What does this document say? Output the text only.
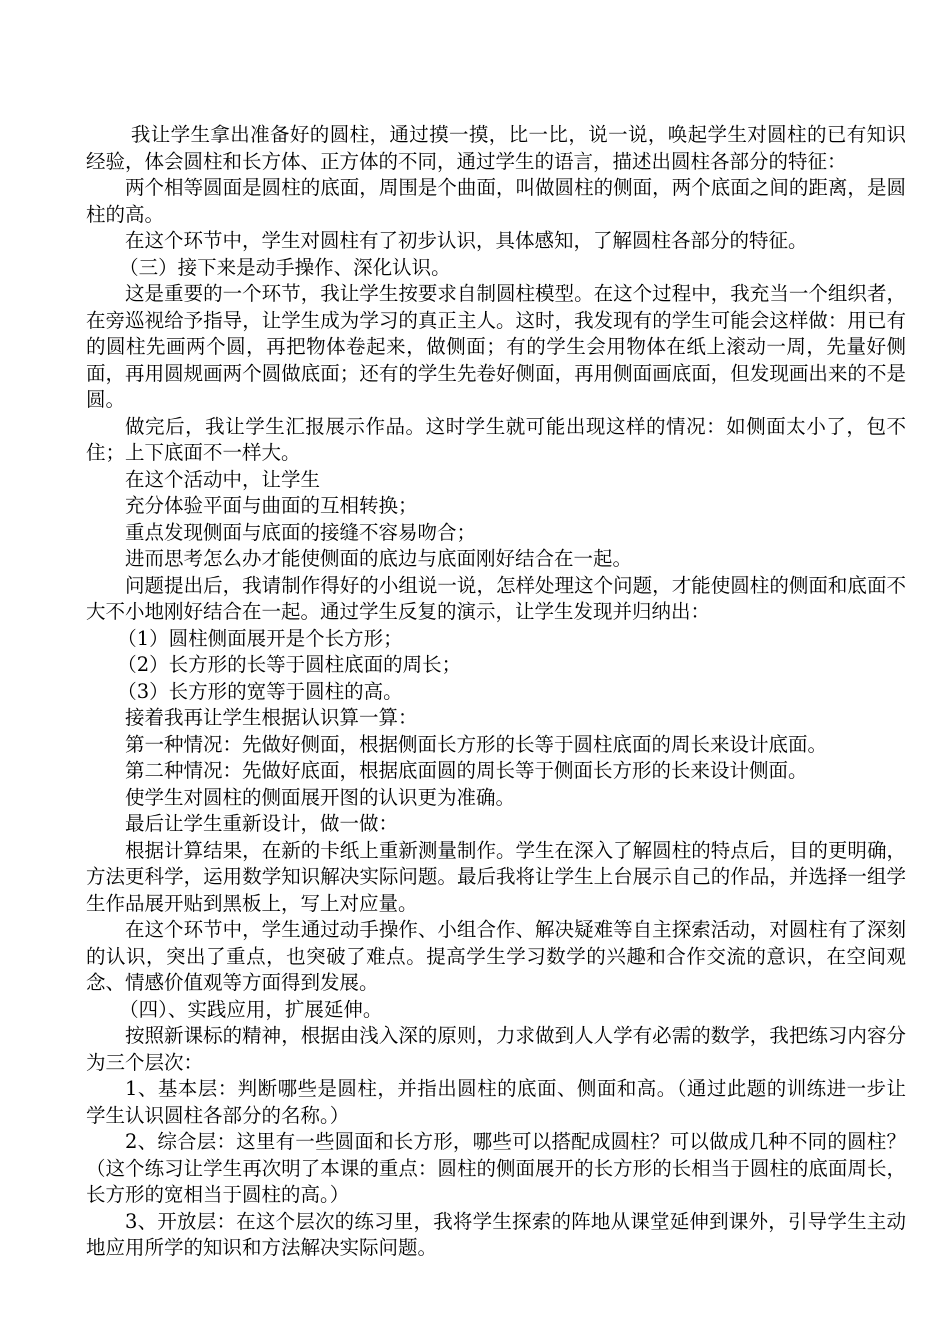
我让学生拿出准备好的圆柱，通过摸一摸，比一比，说一说，唤起学生对圆柱的已有知识经验，体会圆柱和长方体、正方体的不同，通过学生的语言，描述出圆柱各部分的特征：

两个相等圆面是圆柱的底面，周围是个曲面，叫做圆柱的侧面，两个底面之间的距离，是圆柱的高。

在这个环节中，学生对圆柱有了初步认识，具体感知，了解圆柱各部分的特征。

（三）接下来是动手操作、深化认识。

这是重要的一个环节，我让学生按要求自制圆柱模型。在这个过程中，我充当一个组织者，在旁巡视给予指导，让学生成为学习的真正主人。这时，我发现有的学生可能会这样做：用已有的圆柱先画两个圆，再把物体卷起来，做侧面；有的学生会用物体在纸上滚动一周，先量好侧面，再用圆规画两个圆做底面；还有的学生先卷好侧面，再用侧面画底面，但发现画出来的不是圆。

做完后，我让学生汇报展示作品。这时学生就可能出现这样的情况：如侧面太小了，包不住；上下底面不一样大。

在这个活动中，让学生

充分体验平面与曲面的互相转换；

重点发现侧面与底面的接缝不容易吻合；

进而思考怎么办才能使侧面的底边与底面刚好结合在一起。

问题提出后，我请制作得好的小组说一说，怎样处理这个问题，才能使圆柱的侧面和底面不大不小地刚好结合在一起。通过学生反复的演示，让学生发现并归纳出：

（1）圆柱侧面展开是个长方形；

（2）长方形的长等于圆柱底面的周长；

（3）长方形的宽等于圆柱的高。

接着我再让学生根据认识算一算：

第一种情况：先做好侧面，根据侧面长方形的长等于圆柱底面的周长来设计底面。

第二种情况：先做好底面，根据底面圆的周长等于侧面长方形的长来设计侧面。

使学生对圆柱的侧面展开图的认识更为准确。

最后让学生重新设计，做一做：

根据计算结果，在新的卡纸上重新测量制作。学生在深入了解圆柱的特点后，目的更明确，方法更科学，运用数学知识解决实际问题。最后我将让学生上台展示自己的作品，并选择一组学生作品展开贴到黑板上，写上对应量。

在这个环节中，学生通过动手操作、小组合作、解决疑难等自主探索活动，对圆柱有了深刻的认识，突出了重点，也突破了难点。提高学生学习数学的兴趣和合作交流的意识，在空间观念、情感价值观等方面得到发展。

（四）、实践应用，扩展延伸。

按照新课标的精神，根据由浅入深的原则，力求做到人人学有必需的数学，我把练习内容分为三个层次：

1、基本层：判断哪些是圆柱，并指出圆柱的底面、侧面和高。（通过此题的训练进一步让学生认识圆柱各部分的名称。）

2、综合层：这里有一些圆面和长方形，哪些可以搭配成圆柱？可以做成几种不同的圆柱？（这个练习让学生再次明了本课的重点：圆柱的侧面展开的长方形的长相当于圆柱的底面周长，长方形的宽相当于圆柱的高。）

3、开放层：在这个层次的练习里，我将学生探索的阵地从课堂延伸到课外，引导学生主动地应用所学的知识和方法解决实际问题。
